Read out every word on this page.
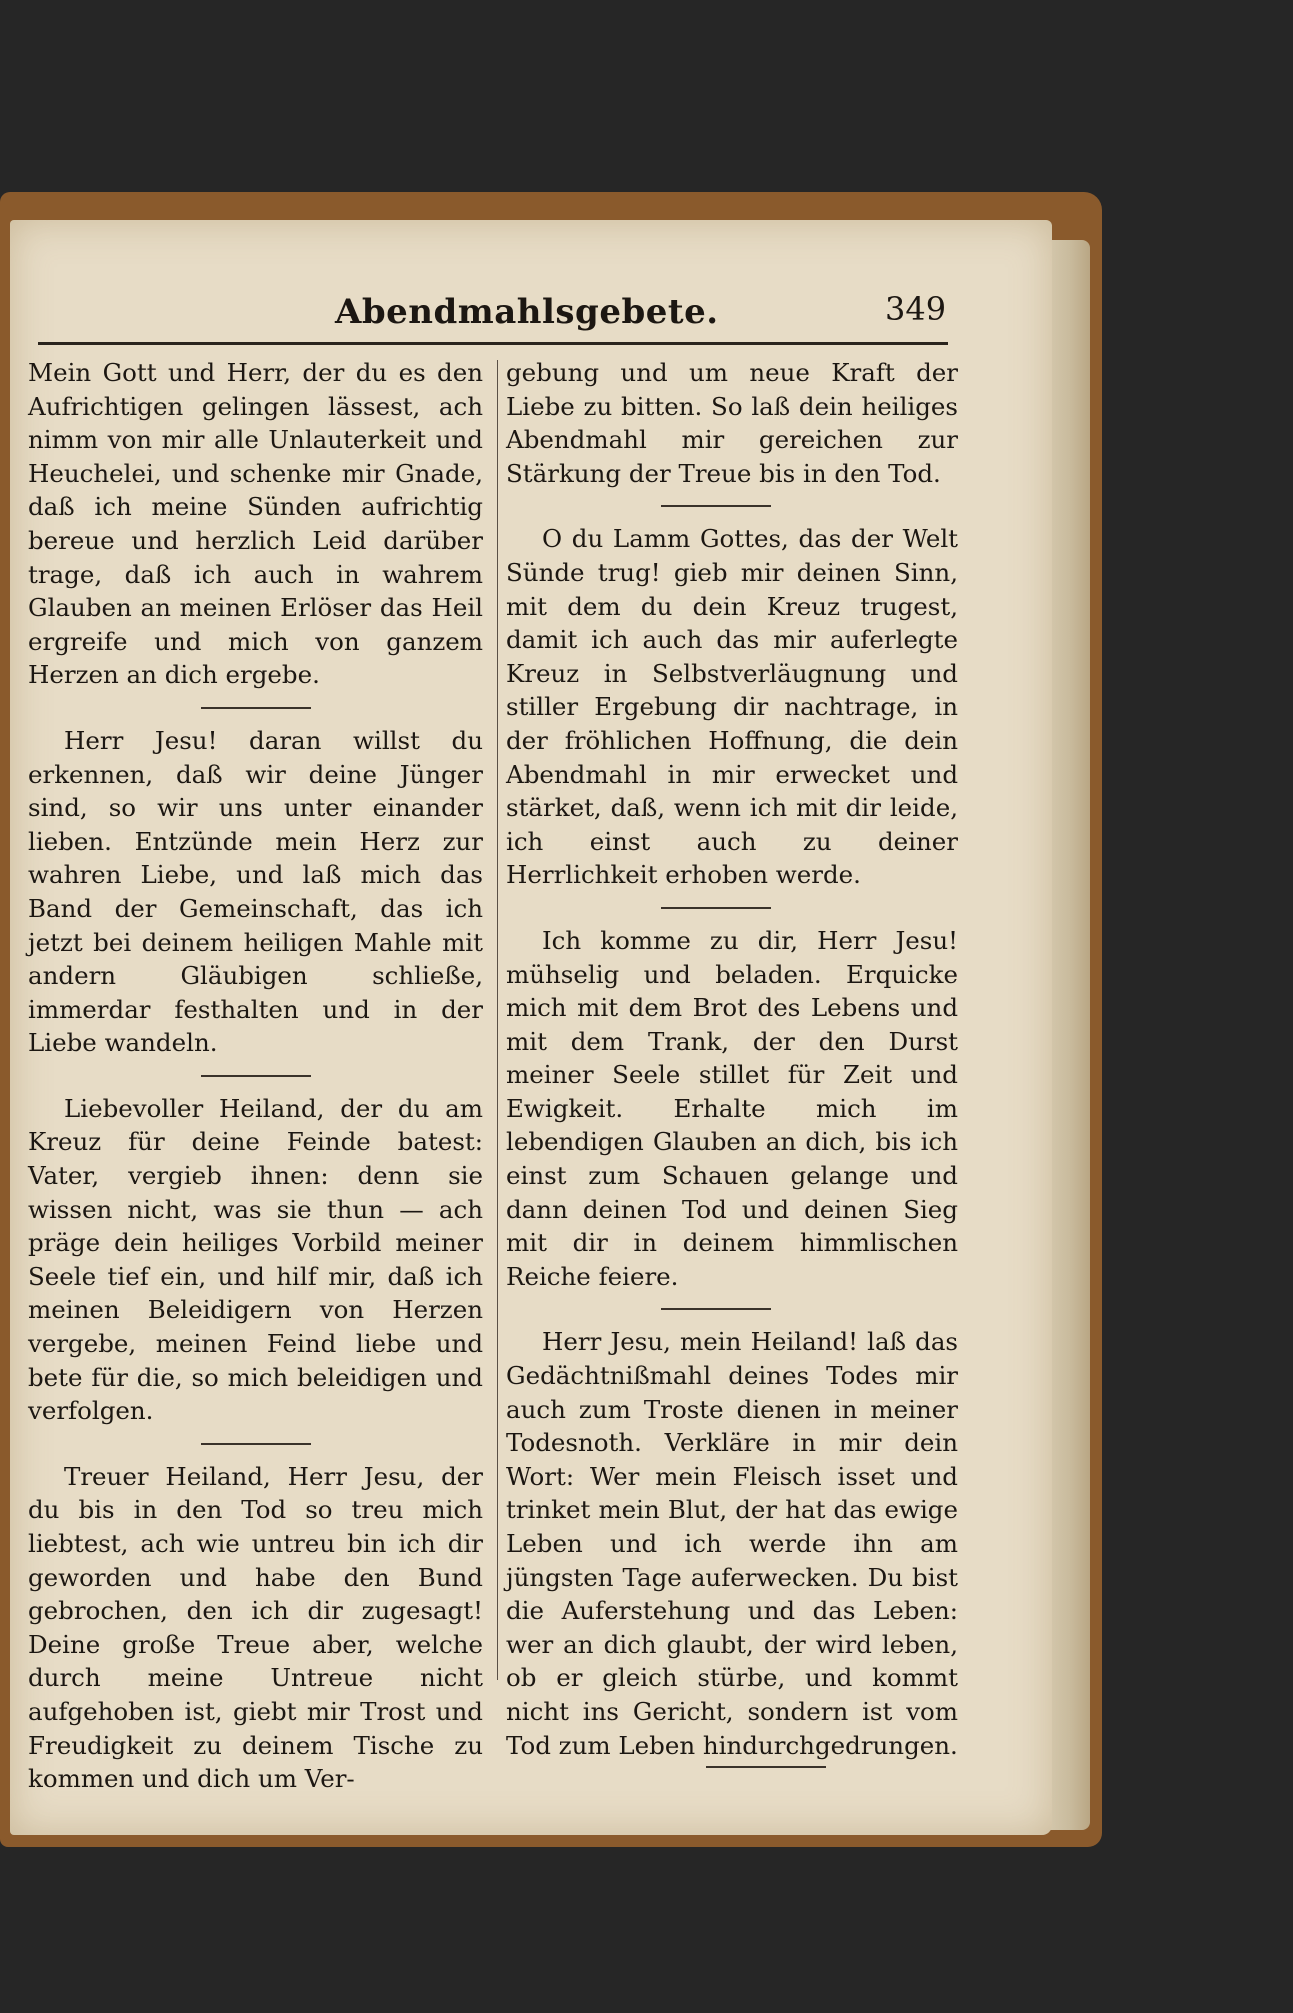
Abendmahlsgebete.	349

Mein Gott und Herr, der du es den Aufrichtigen gelingen lässest, ach nimm von mir alle Unlauterkeit und Heuchelei, und schenke mir Gnade, daß ich meine Sünden aufrichtig bereue und herzlich Leid darüber trage, daß ich auch in wahrem Glauben an meinen Erlöser das Heil ergreife und mich von ganzem Herzen an dich ergebe.

Herr Jesu! daran willst du erkennen, daß wir deine Jünger sind, so wir uns unter einander lieben. Entzünde mein Herz zur wahren Liebe, und laß mich das Band der Gemeinschaft, das ich jetzt bei deinem heiligen Mahle mit andern Gläubigen schließe, immerdar festhalten und in der Liebe wandeln.

Liebevoller Heiland, der du am Kreuz für deine Feinde batest: Vater, vergieb ihnen: denn sie wissen nicht, was sie thun — ach präge dein heiliges Vorbild meiner Seele tief ein, und hilf mir, daß ich meinen Beleidigern von Herzen vergebe, meinen Feind liebe und bete für die, so mich beleidigen und verfolgen.

Treuer Heiland, Herr Jesu, der du bis in den Tod so treu mich liebtest, ach wie untreu bin ich dir geworden und habe den Bund gebrochen, den ich dir zugesagt! Deine große Treue aber, welche durch meine Untreue nicht aufgehoben ist, giebt mir Trost und Freudigkeit zu deinem Tische zu kommen und dich um Ver-

gebung und um neue Kraft der Liebe zu bitten. So laß dein heiliges Abendmahl mir gereichen zur Stärkung der Treue bis in den Tod.

O du Lamm Gottes, das der Welt Sünde trug! gieb mir deinen Sinn, mit dem du dein Kreuz trugest, damit ich auch das mir auferlegte Kreuz in Selbstverläugnung und stiller Ergebung dir nachtrage, in der fröhlichen Hoffnung, die dein Abendmahl in mir erwecket und stärket, daß, wenn ich mit dir leide, ich einst auch zu deiner Herrlichkeit erhoben werde.

Ich komme zu dir, Herr Jesu! mühselig und beladen. Erquicke mich mit dem Brot des Lebens und mit dem Trank, der den Durst meiner Seele stillet für Zeit und Ewigkeit. Erhalte mich im lebendigen Glauben an dich, bis ich einst zum Schauen gelange und dann deinen Tod und deinen Sieg mit dir in deinem himmlischen Reiche feiere.

Herr Jesu, mein Heiland! laß das Gedächtnißmahl deines Todes mir auch zum Troste dienen in meiner Todesnoth. Verkläre in mir dein Wort: Wer mein Fleisch isset und trinket mein Blut, der hat das ewige Leben und ich werde ihn am jüngsten Tage auferwecken. Du bist die Auferstehung und das Leben: wer an dich glaubt, der wird leben, ob er gleich stürbe, und kommt nicht ins Gericht, sondern ist vom Tod zum Leben hindurchgedrungen.
